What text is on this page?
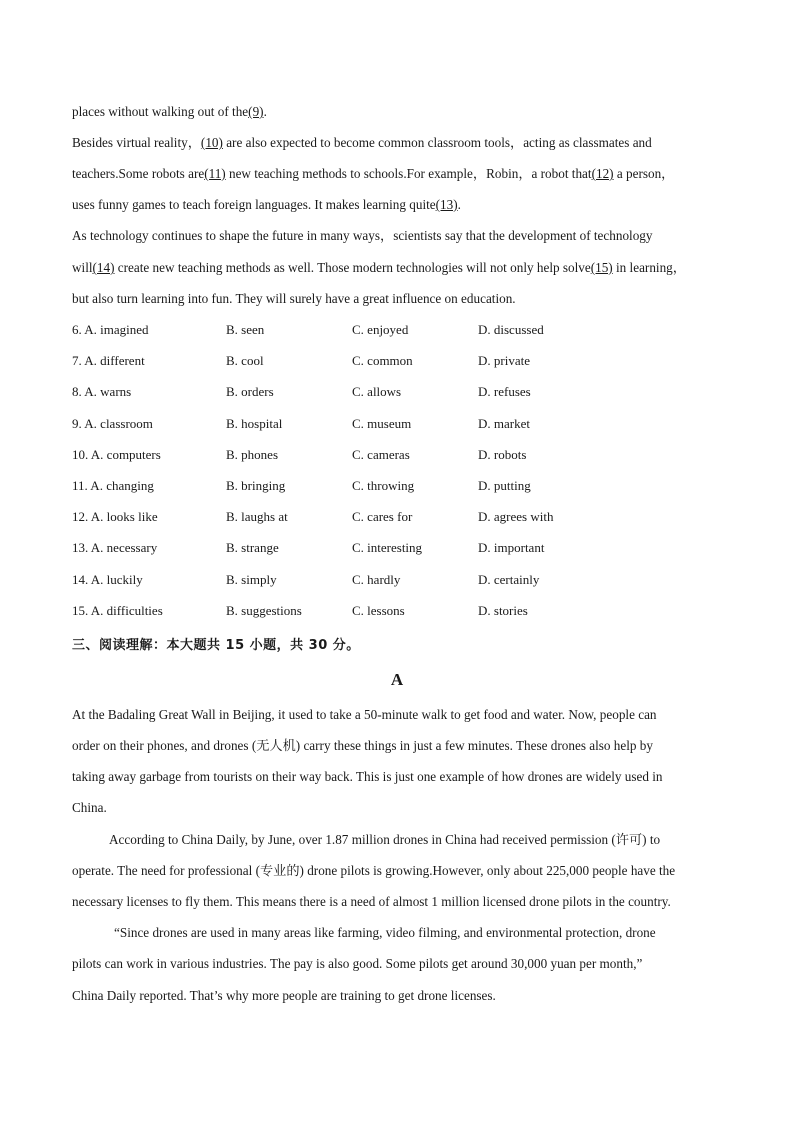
places without walking out of the(9).
Besides virtual reality，(10) are also expected to become common classroom tools，acting as classmates and
teachers.Some robots are(11) new teaching methods to schools.For example，Robin，a robot that(12) a person，
uses funny games to teach foreign languages. It makes learning quite(13).
As technology continues to shape the future in many ways，scientists say that the development of technology
will(14) create new teaching methods as well. Those modern technologies will not only help solve(15) in learning，
but also turn learning into fun. They will surely have a great influence on education.
6. A. imagined	B. seen	C. enjoyed	D. discussed
7. A. different	B. cool	C. common	D. private
8. A. warns	B. orders	C. allows	D. refuses
9. A. classroom	B. hospital	C. museum	D. market
10. A. computers	B. phones	C. cameras	D. robots
11. A. changing	B. bringing	C. throwing	D. putting
12. A. looks like	B. laughs at	C. cares for	D. agrees with
13. A. necessary	B. strange	C. interesting	D. important
14. A. luckily	B. simply	C. hardly	D. certainly
15. A. difficulties	B. suggestions	C. lessons	D. stories
三、阅读理解：本大题共 15 小题，共 30 分。
A
At the Badaling Great Wall in Beijing, it used to take a 50-minute walk to get food and water. Now, people can
order on their phones, and drones (无人机) carry these things in just a few minutes. These drones also help by
taking away garbage from tourists on their way back. This is just one example of how drones are widely used in
China.
According to China Daily, by June, over 1.87 million drones in China had received permission (许可) to
operate. The need for professional (专业的) drone pilots is growing.However, only about 225,000 people have the
necessary licenses to fly them. This means there is a need of almost 1 million licensed drone pilots in the country.
“Since drones are used in many areas like farming, video filming, and environmental protection, drone
pilots can work in various industries. The pay is also good. Some pilots get around 30,000 yuan per month,”
China Daily reported. That’s why more people are training to get drone licenses.
